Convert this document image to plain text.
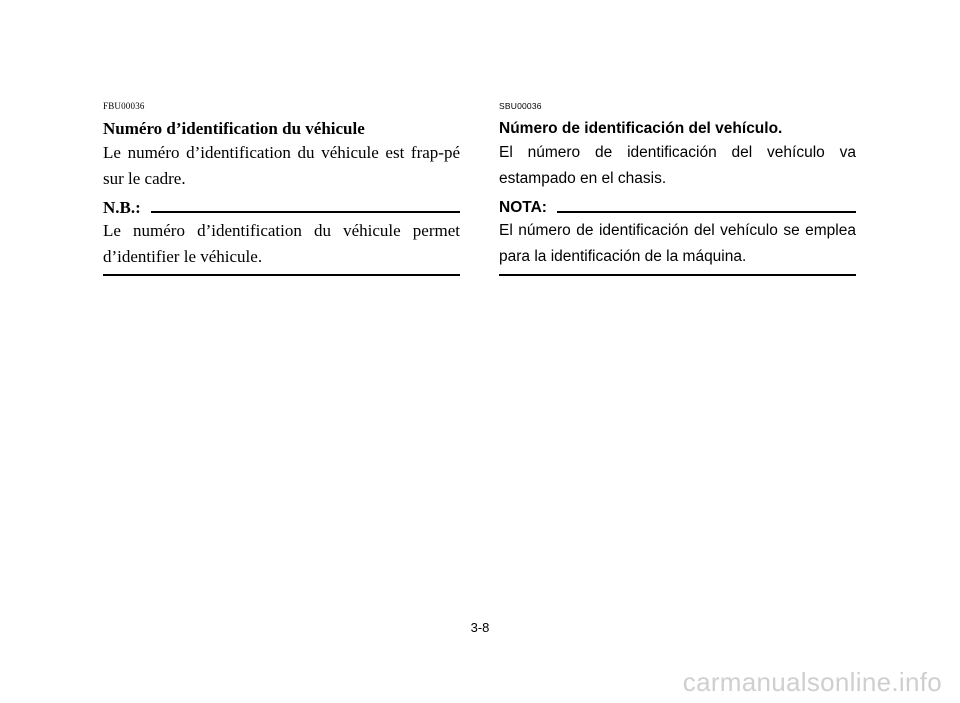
FBU00036

Numéro d’identification du véhicule

Le numéro d’identification du véhicule est frap-pé sur le cadre.

N.B.:

Le numéro d’identification du véhicule permet d’identifier le véhicule.

SBU00036

Número de identificación del vehículo.

El número de identificación del vehículo va estampado en el chasis.

NOTA:

El número de identificación del vehículo se emplea para la identificación de la máquina.

3-8
carmanualsonline.info
